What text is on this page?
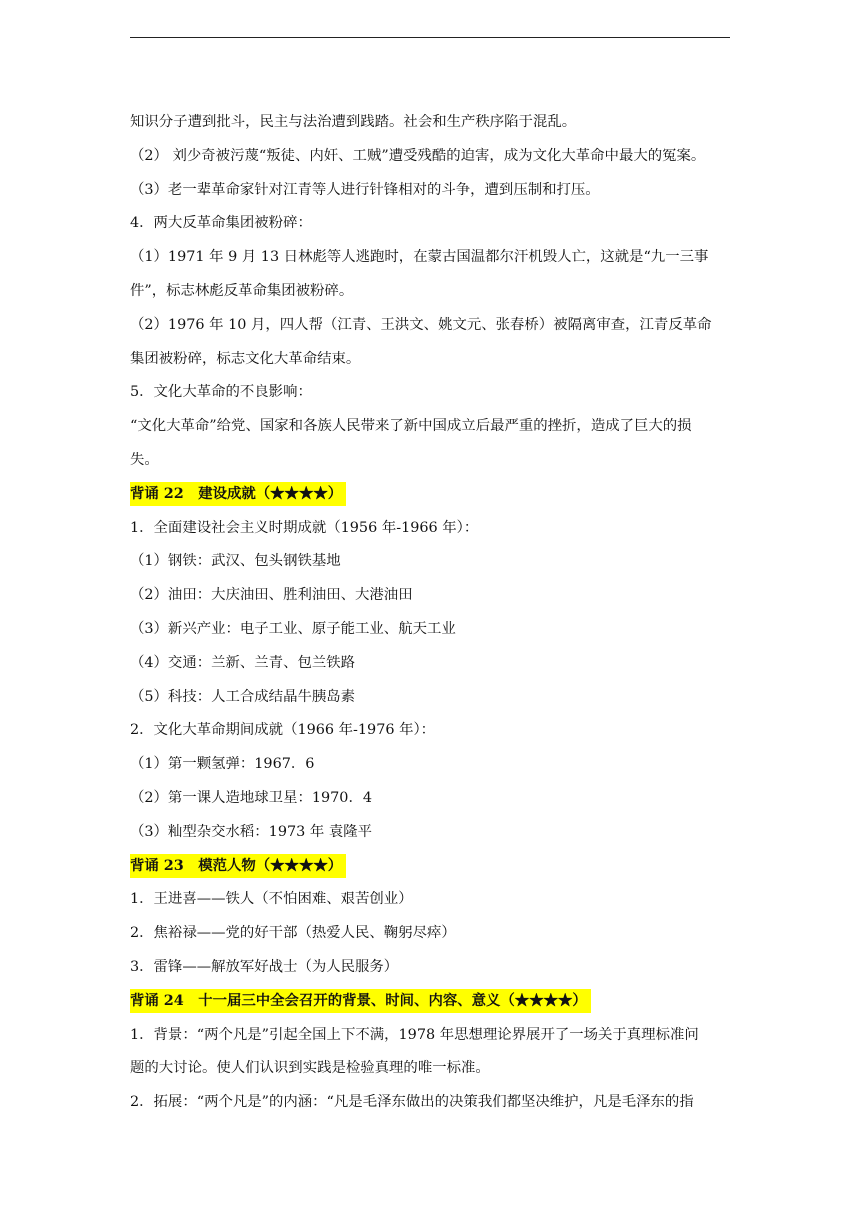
知识分子遭到批斗，民主与法治遭到践踏。社会和生产秩序陷于混乱。
（2） 刘少奇被污蔑“叛徒、内奸、工贼”遭受残酷的迫害，成为文化大革命中最大的冤案。
（3）老一辈革命家针对江青等人进行针锋相对的斗争，遭到压制和打压。
4．两大反革命集团被粉碎：
（1）1971 年 9 月 13 日林彪等人逃跑时，在蒙古国温都尔汗机毁人亡，这就是“九一三事
件”，标志林彪反革命集团被粉碎。
（2）1976 年 10 月，四人帮（江青、王洪文、姚文元、张春桥）被隔离审查，江青反革命
集团被粉碎，标志文化大革命结束。
5．文化大革命的不良影响：
“文化大革命”给党、国家和各族人民带来了新中国成立后最严重的挫折，造成了巨大的损
失。
背诵 22　建设成就（★★★★）
1．全面建设社会主义时期成就（1956 年-1966 年）：
（1）钢铁：武汉、包头钢铁基地
（2）油田：大庆油田、胜利油田、大港油田
（3）新兴产业：电子工业、原子能工业、航天工业
（4）交通：兰新、兰青、包兰铁路
（5）科技：人工合成结晶牛胰岛素
2．文化大革命期间成就（1966 年-1976 年）：
（1）第一颗氢弹：1967．6
（2）第一课人造地球卫星：1970．4
（3）籼型杂交水稻：1973 年 袁隆平
背诵 23　模范人物（★★★★）
1．王进喜——铁人（不怕困难、艰苦创业）
2．焦裕禄——党的好干部（热爱人民、鞠躬尽瘁）
3．雷锋——解放军好战士（为人民服务）
背诵 24　十一届三中全会召开的背景、时间、内容、意义（★★★★）
1．背景：“两个凡是”引起全国上下不满，1978 年思想理论界展开了一场关于真理标准问
题的大讨论。使人们认识到实践是检验真理的唯一标准。
2．拓展：“两个凡是”的内涵：“凡是毛泽东做出的决策我们都坚决维护，凡是毛泽东的指
